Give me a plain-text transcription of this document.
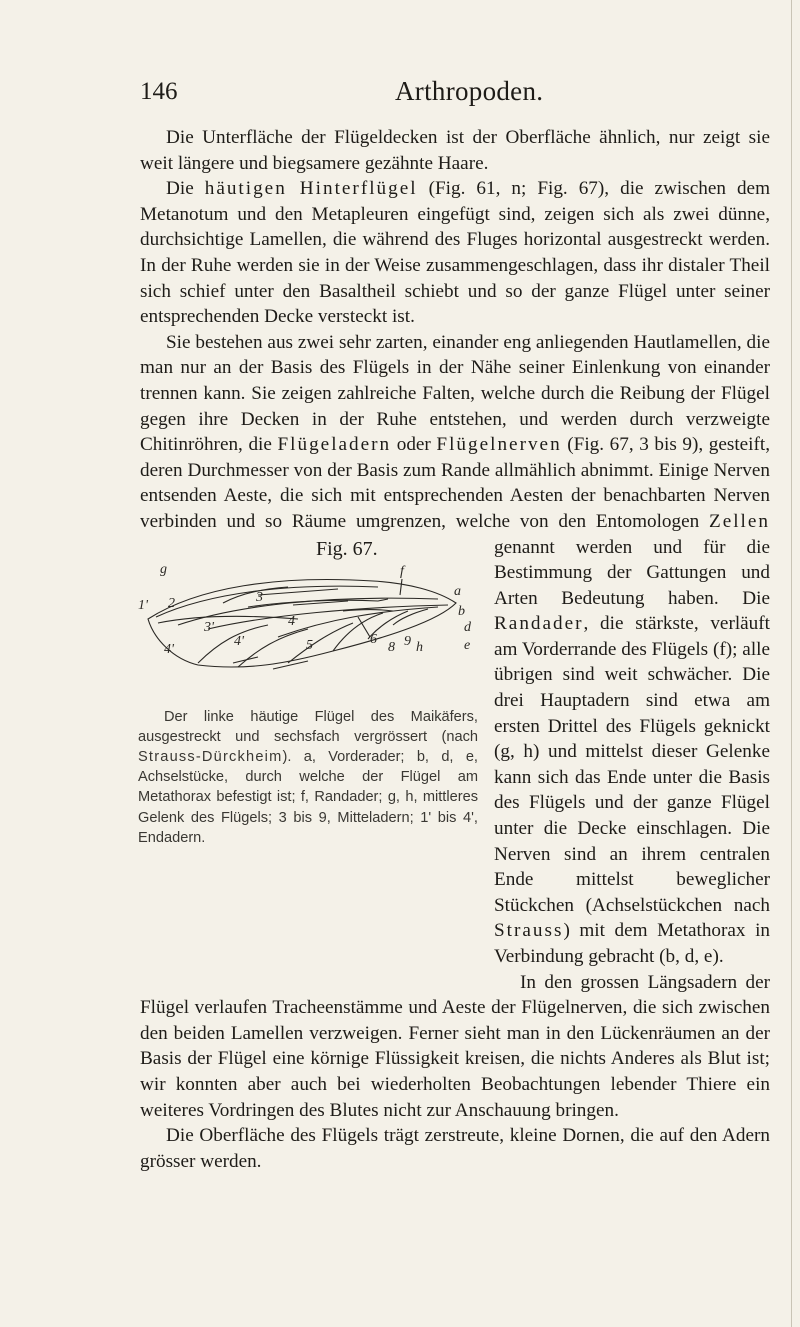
146	Arthropoden.

Die Unterfläche der Flügeldecken ist der Oberfläche ähnlich, nur zeigt sie weit längere und biegsamere gezähnte Haare.

Die häutigen Hinterflügel (Fig. 61, n; Fig. 67), die zwischen dem Metanotum und den Metapleuren eingefügt sind, zeigen sich als zwei dünne, durchsichtige Lamellen, die während des Fluges horizontal ausgestreckt werden. In der Ruhe werden sie in der Weise zusammengeschlagen, dass ihr distaler Theil sich schief unter den Basaltheil schiebt und so der ganze Flügel unter seiner entsprechenden Decke versteckt ist.

Sie bestehen aus zwei sehr zarten, einander eng anliegenden Hautlamellen, die man nur an der Basis des Flügels in der Nähe seiner Einlenkung von einander trennen kann. Sie zeigen zahlreiche Falten, welche durch die Reibung der Flügel gegen ihre Decken in der Ruhe entstehen, und werden durch verzweigte Chitinröhren, die Flügeladern oder Flügelnerven (Fig. 67, 3 bis 9), gesteift, deren Durchmesser von der Basis zum Rande allmählich abnimmt. Einige Nerven entsenden Aeste, die sich mit entsprechenden Aesten der benachbarten Nerven verbinden und so Räume umgrenzen, welche von den Entomologen
Fig. 67.
g	f
a
b
d
e
h
1' 2	3
3'
4'
4
4'	5	6
8 9
Der linke häutige Flügel des Maikäfers, ausgestreckt und sechsfach vergrössert (nach Strauss-Dürckheim). a, Vorderader; b, d, e, Achselstücke, durch welche der Flügel am Metathorax befestigt ist; f, Randader; g, h, mittleres Gelenk des Flügels; 3 bis 9, Mitteladern; 1' bis 4', Endadern.
Zellen genannt werden und für die Bestimmung der Gattungen und Arten Bedeutung haben. Die Randader, die stärkste, verläuft am Vorderrande des Flügels (f); alle übrigen sind weit schwächer. Die drei Hauptadern sind etwa am ersten Drittel des Flügels geknickt (g, h) und mittelst dieser Gelenke kann sich das Ende unter die Basis des Flügels und der ganze Flügel unter die Decke einschlagen. Die Nerven sind an ihrem centralen Ende mittelst beweglicher Stückchen (Achselstückchen nach Strauss) mit dem Metathorax in Verbindung gebracht (b, d, e).

In den grossen Längsadern der Flügel verlaufen Tracheenstämme und Aeste der Flügelnerven, die sich zwischen den beiden Lamellen verzweigen. Ferner sieht man in den Lückenräumen an der Basis der Flügel eine körnige Flüssigkeit kreisen, die nichts Anderes als Blut ist; wir konnten aber auch bei wiederholten Beobachtungen lebender Thiere ein weiteres Vordringen des Blutes nicht zur Anschauung bringen.

Die Oberfläche des Flügels trägt zerstreute, kleine Dornen, die auf den Adern grösser werden.
